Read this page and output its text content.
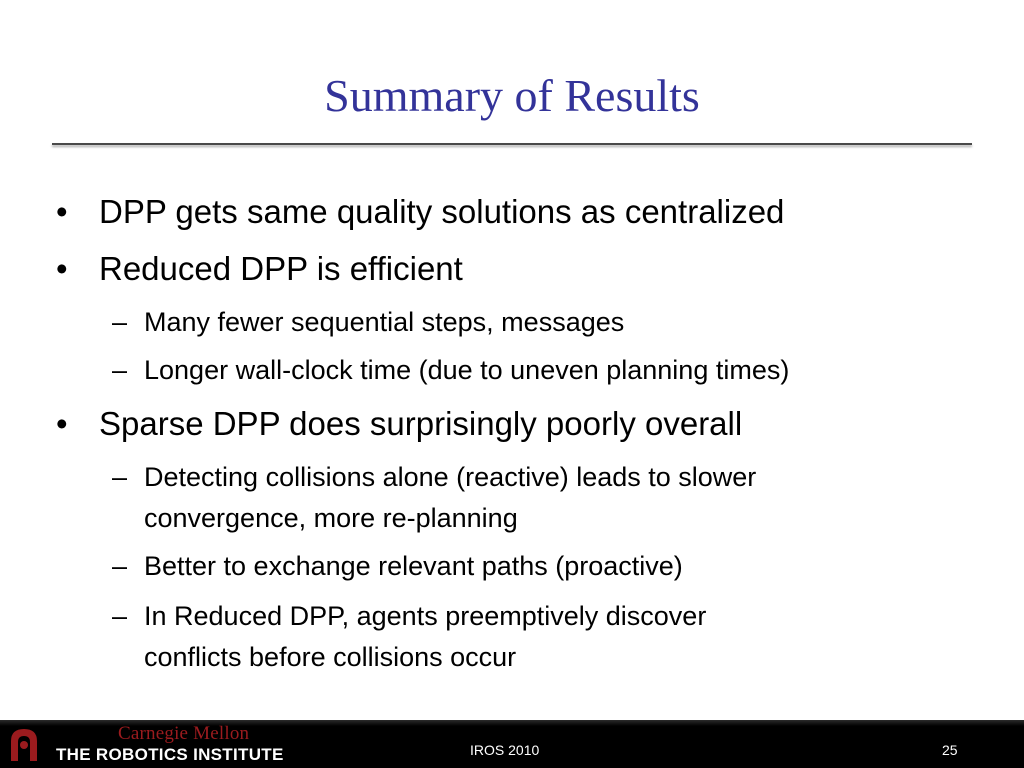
Summary of Results
• DPP gets same quality solutions as centralized
• Reduced DPP is efficient
– Many fewer sequential steps, messages
– Longer wall-clock time (due to uneven planning times)
• Sparse DPP does surprisingly poorly overall
– Detecting collisions alone (reactive) leads to slower
convergence, more re-planning
– Better to exchange relevant paths (proactive)
– In Reduced DPP, agents preemptively discover
conflicts before collisions occur
Carnegie Mellon
THE ROBOTICS INSTITUTE	IROS 2010	25
